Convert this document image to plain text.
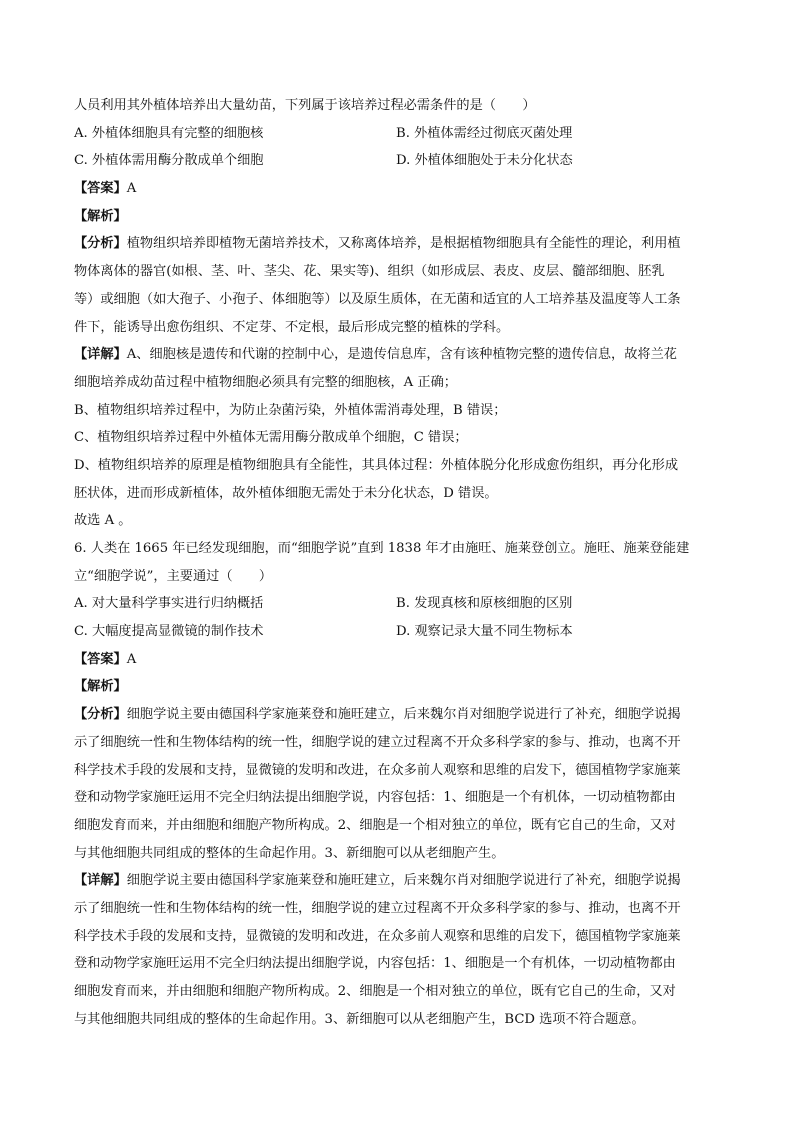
人员利用其外植体培养出大量幼苗，下列属于该培养过程必需条件的是（　　）
A. 外植体细胞具有完整的细胞核	B. 外植体需经过彻底灭菌处理
C. 外植体需用酶分散成单个细胞	D. 外植体细胞处于未分化状态
【答案】A
【解析】
【分析】植物组织培养即植物无菌培养技术，又称离体培养，是根据植物细胞具有全能性的理论，利用植
物体离体的器官(如根、茎、叶、茎尖、花、果实等)、组织（如形成层、表皮、皮层、髓部细胞、胚乳
等）或细胞（如大孢子、小孢子、体细胞等）以及原生质体，在无菌和适宜的人工培养基及温度等人工条
件下，能诱导出愈伤组织、不定芽、不定根，最后形成完整的植株的学科。
【详解】A、细胞核是遗传和代谢的控制中心，是遗传信息库，含有该种植物完整的遗传信息，故将兰花
细胞培养成幼苗过程中植物细胞必须具有完整的细胞核，A 正确；
B、植物组织培养过程中，为防止杂菌污染，外植体需消毒处理，B 错误；
C、植物组织培养过程中外植体无需用酶分散成单个细胞，C 错误；
D、植物组织培养的原理是植物细胞具有全能性，其具体过程：外植体脱分化形成愈伤组织，再分化形成
胚状体，进而形成新植体，故外植体细胞无需处于未分化状态，D 错误。
故选 A 。
6. 人类在 1665 年已经发现细胞，而“细胞学说”直到 1838 年才由施旺、施莱登创立。施旺、施莱登能建
立“细胞学说”，主要通过（　　）
A. 对大量科学事实进行归纳概括	B. 发现真核和原核细胞的区别
C. 大幅度提高显微镜的制作技术	D. 观察记录大量不同生物标本
【答案】A
【解析】
【分析】细胞学说主要由德国科学家施莱登和施旺建立，后来魏尔肖对细胞学说进行了补充，细胞学说揭
示了细胞统一性和生物体结构的统一性，细胞学说的建立过程离不开众多科学家的参与、推动，也离不开
科学技术手段的发展和支持，显微镜的发明和改进，在众多前人观察和思维的启发下，德国植物学家施莱
登和动物学家施旺运用不完全归纳法提出细胞学说，内容包括：1、细胞是一个有机体，一切动植物都由
细胞发育而来，并由细胞和细胞产物所构成。2、细胞是一个相对独立的单位，既有它自己的生命，又对
与其他细胞共同组成的整体的生命起作用。3、新细胞可以从老细胞产生。
【详解】细胞学说主要由德国科学家施莱登和施旺建立，后来魏尔肖对细胞学说进行了补充，细胞学说揭
示了细胞统一性和生物体结构的统一性，细胞学说的建立过程离不开众多科学家的参与、推动，也离不开
科学技术手段的发展和支持，显微镜的发明和改进，在众多前人观察和思维的启发下，德国植物学家施莱
登和动物学家施旺运用不完全归纳法提出细胞学说，内容包括：1、细胞是一个有机体，一切动植物都由
细胞发育而来，并由细胞和细胞产物所构成。2、细胞是一个相对独立的单位，既有它自己的生命，又对
与其他细胞共同组成的整体的生命起作用。3、新细胞可以从老细胞产生，BCD 选项不符合题意。
